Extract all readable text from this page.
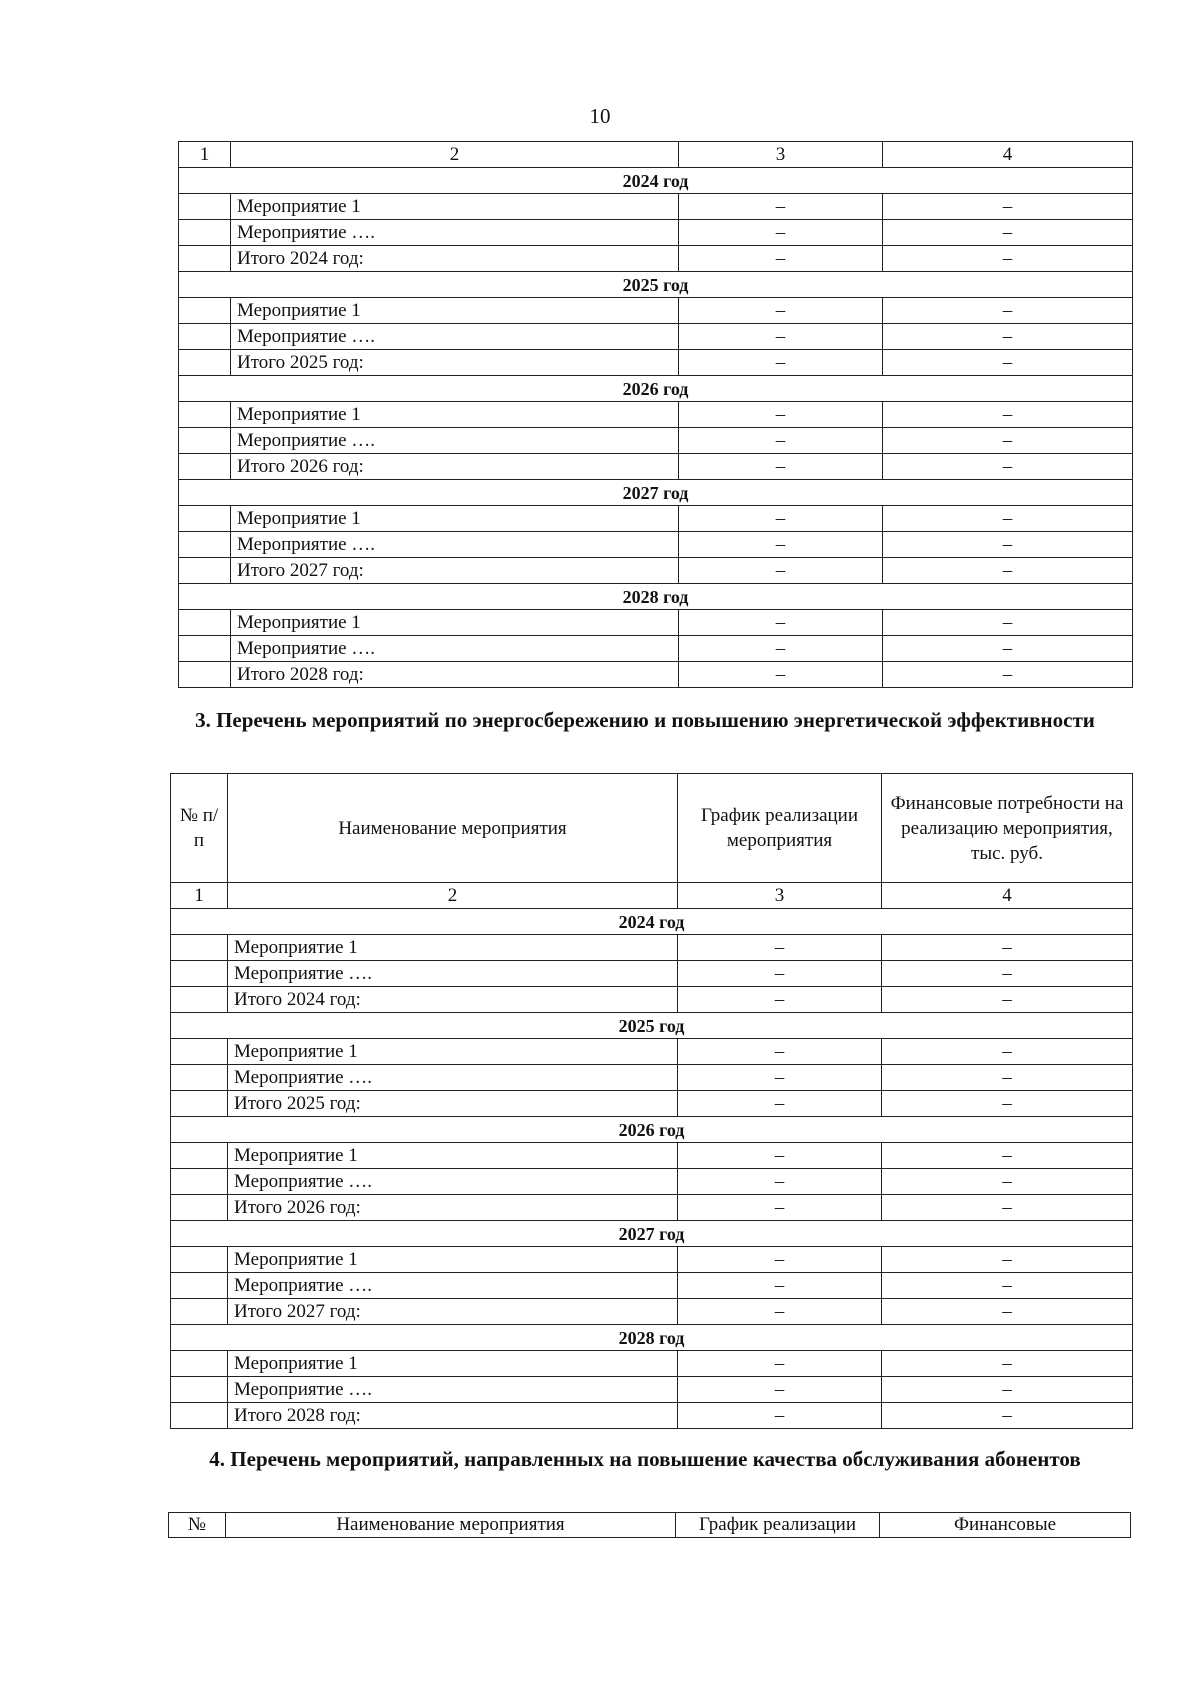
10
1	2	3	4
2024 год			
	Мероприятие 1	–	–
	Мероприятие ….	–	–
	Итого 2024 год:	–	–
2025 год			
	Мероприятие 1	–	–
	Мероприятие ….	–	–
	Итого 2025 год:	–	–
2026 год			
	Мероприятие 1	–	–
	Мероприятие ….	–	–
	Итого 2026 год:	–	–
2027 год			
	Мероприятие 1	–	–
	Мероприятие ….	–	–
	Итого 2027 год:	–	–
2028 год			
	Мероприятие 1	–	–
	Мероприятие ….	–	–
	Итого 2028 год:	–	–
3. Перечень мероприятий по энергосбережению и повышению энергетической эффективности
№ п/п	Наименование мероприятия	График реализации мероприятия	Финансовые потребности на реализацию мероприятия, тыс. руб.
1	2	3	4
2024 год			
	Мероприятие 1	–	–
	Мероприятие ….	–	–
	Итого 2024 год:	–	–
2025 год			
	Мероприятие 1	–	–
	Мероприятие ….	–	–
	Итого 2025 год:	–	–
2026 год			
	Мероприятие 1	–	–
	Мероприятие ….	–	–
	Итого 2026 год:	–	–
2027 год			
	Мероприятие 1	–	–
	Мероприятие ….	–	–
	Итого 2027 год:	–	–
2028 год			
	Мероприятие 1	–	–
	Мероприятие ….	–	–
	Итого 2028 год:	–	–
4. Перечень мероприятий, направленных на повышение качества обслуживания абонентов
№	Наименование мероприятия	График реализации	Финансовые
